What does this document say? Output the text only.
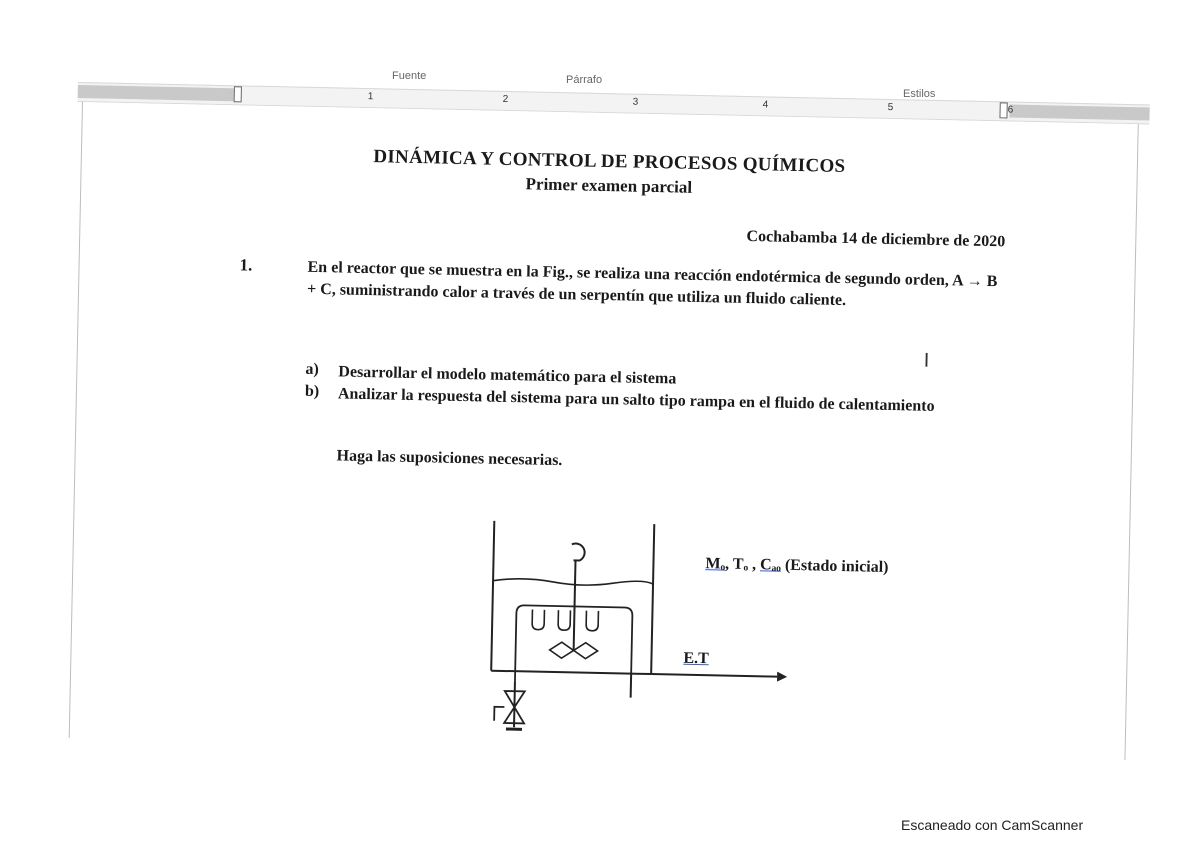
Fuente	Párrafo
Estilos
1	2	3	4	5	6
DINÁMICA Y CONTROL DE PROCESOS QUÍMICOS
Primer examen parcial
Cochabamba 14 de diciembre de 2020
1.	En el reactor que se muestra en la Fig., se realiza una reacción endotérmica de segundo orden, A → B + C, suministrando calor a través de un serpentín que utiliza un fluido caliente.
a) Desarrollar el modelo matemático para el sistema
b) Analizar la respuesta del sistema para un salto tipo rampa en el fluido de calentamiento
Haga las suposiciones necesarias.
I
Mₒ, Tₒ , Cₐₒ (Estado inicial)
E.T
Escaneado con CamScanner
